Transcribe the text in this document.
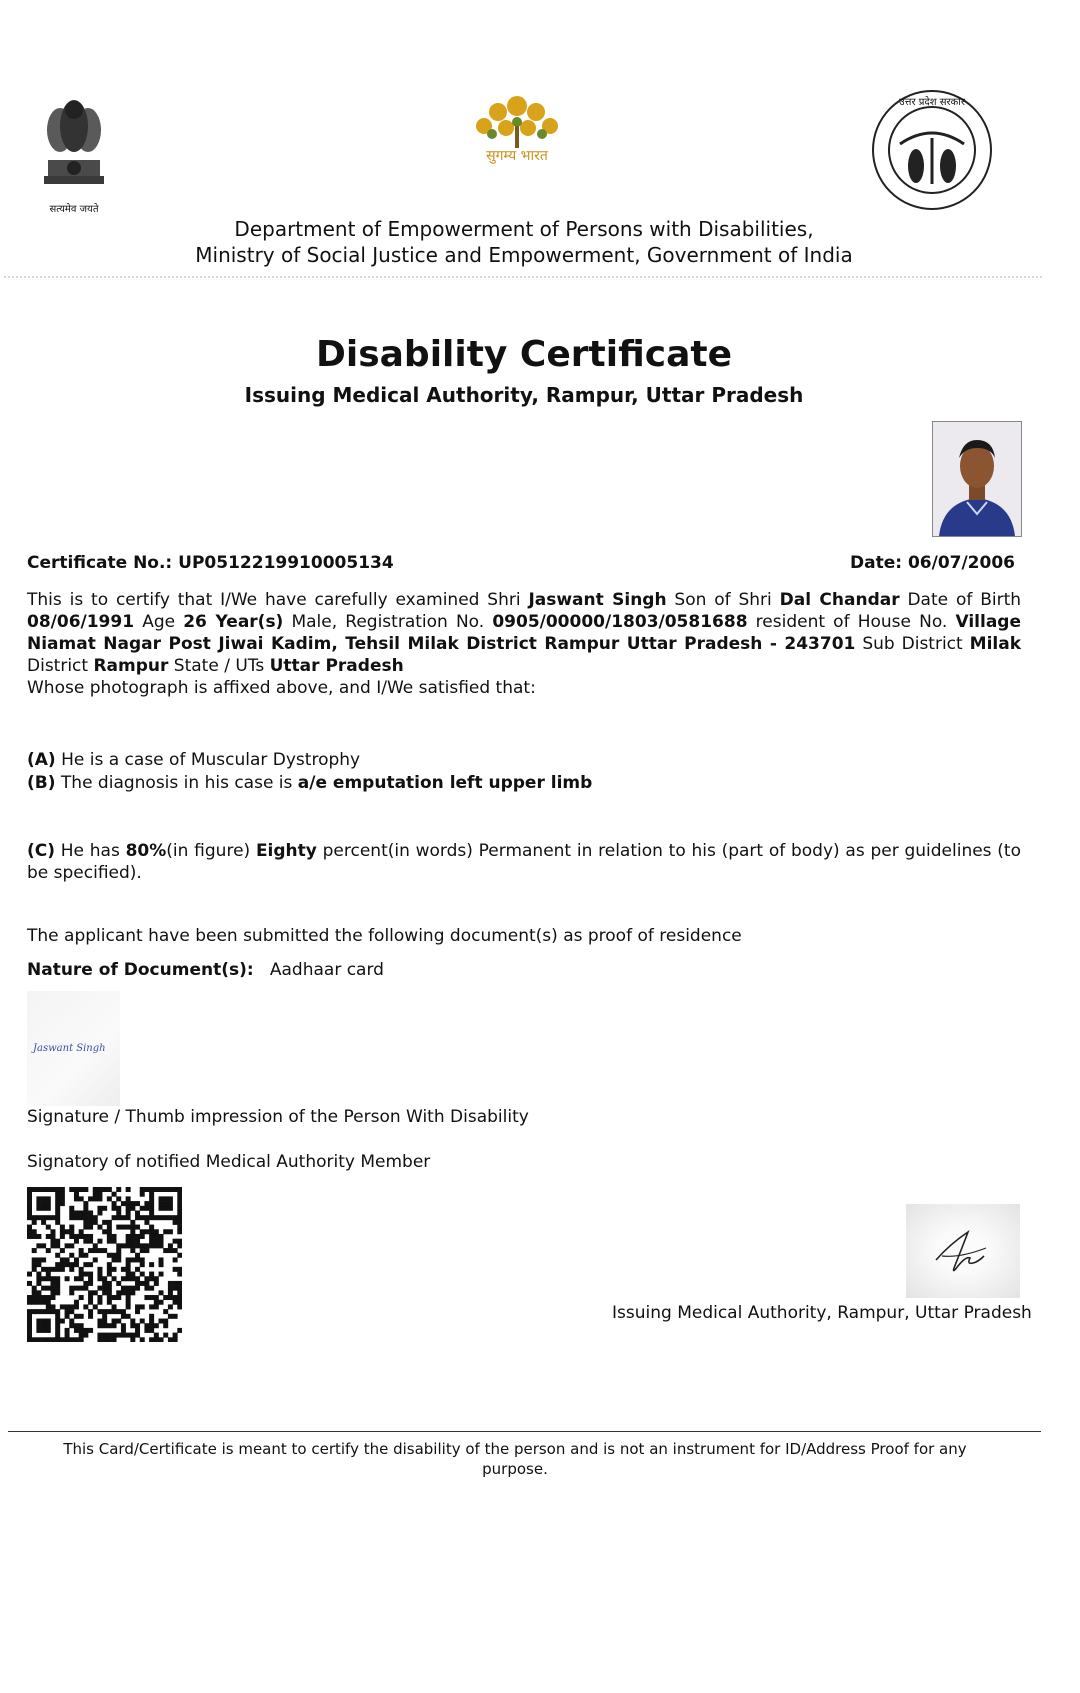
सत्यमेव जयते
सुगम्य भारत
उत्तर प्रदेश सरकार
Department of Empowerment of Persons with Disabilities,
Ministry of Social Justice and Empowerment, Government of India
Disability Certificate
Issuing Medical Authority, Rampur, Uttar Pradesh
Certificate No.: UP0512219910005134	Date: 06/07/2006
This is to certify that I/We have carefully examined Shri Jaswant Singh Son of Shri Dal Chandar Date of Birth 08/06/1991 Age 26 Year(s) Male, Registration No. 0905/00000/1803/0581688 resident of House No. Village Niamat Nagar Post Jiwai Kadim, Tehsil Milak District Rampur Uttar Pradesh - 243701 Sub District Milak District Rampur State / UTs Uttar Pradesh
Whose photograph is affixed above, and I/We satisfied that:
(A) He is a case of Muscular Dystrophy
(B) The diagnosis in his case is a/e emputation left upper limb
(C) He has 80%(in figure) Eighty percent(in words) Permanent in relation to his (part of body) as per guidelines (to be specified).
The applicant have been submitted the following document(s) as proof of residence
Nature of Document(s): Aadhaar card
Jaswant Singh
Signature / Thumb impression of the Person With Disability
Signatory of notified Medical Authority Member
Issuing Medical Authority, Rampur, Uttar Pradesh
This Card/Certificate is meant to certify the disability of the person and is not an instrument for ID/Address Proof for any purpose.
